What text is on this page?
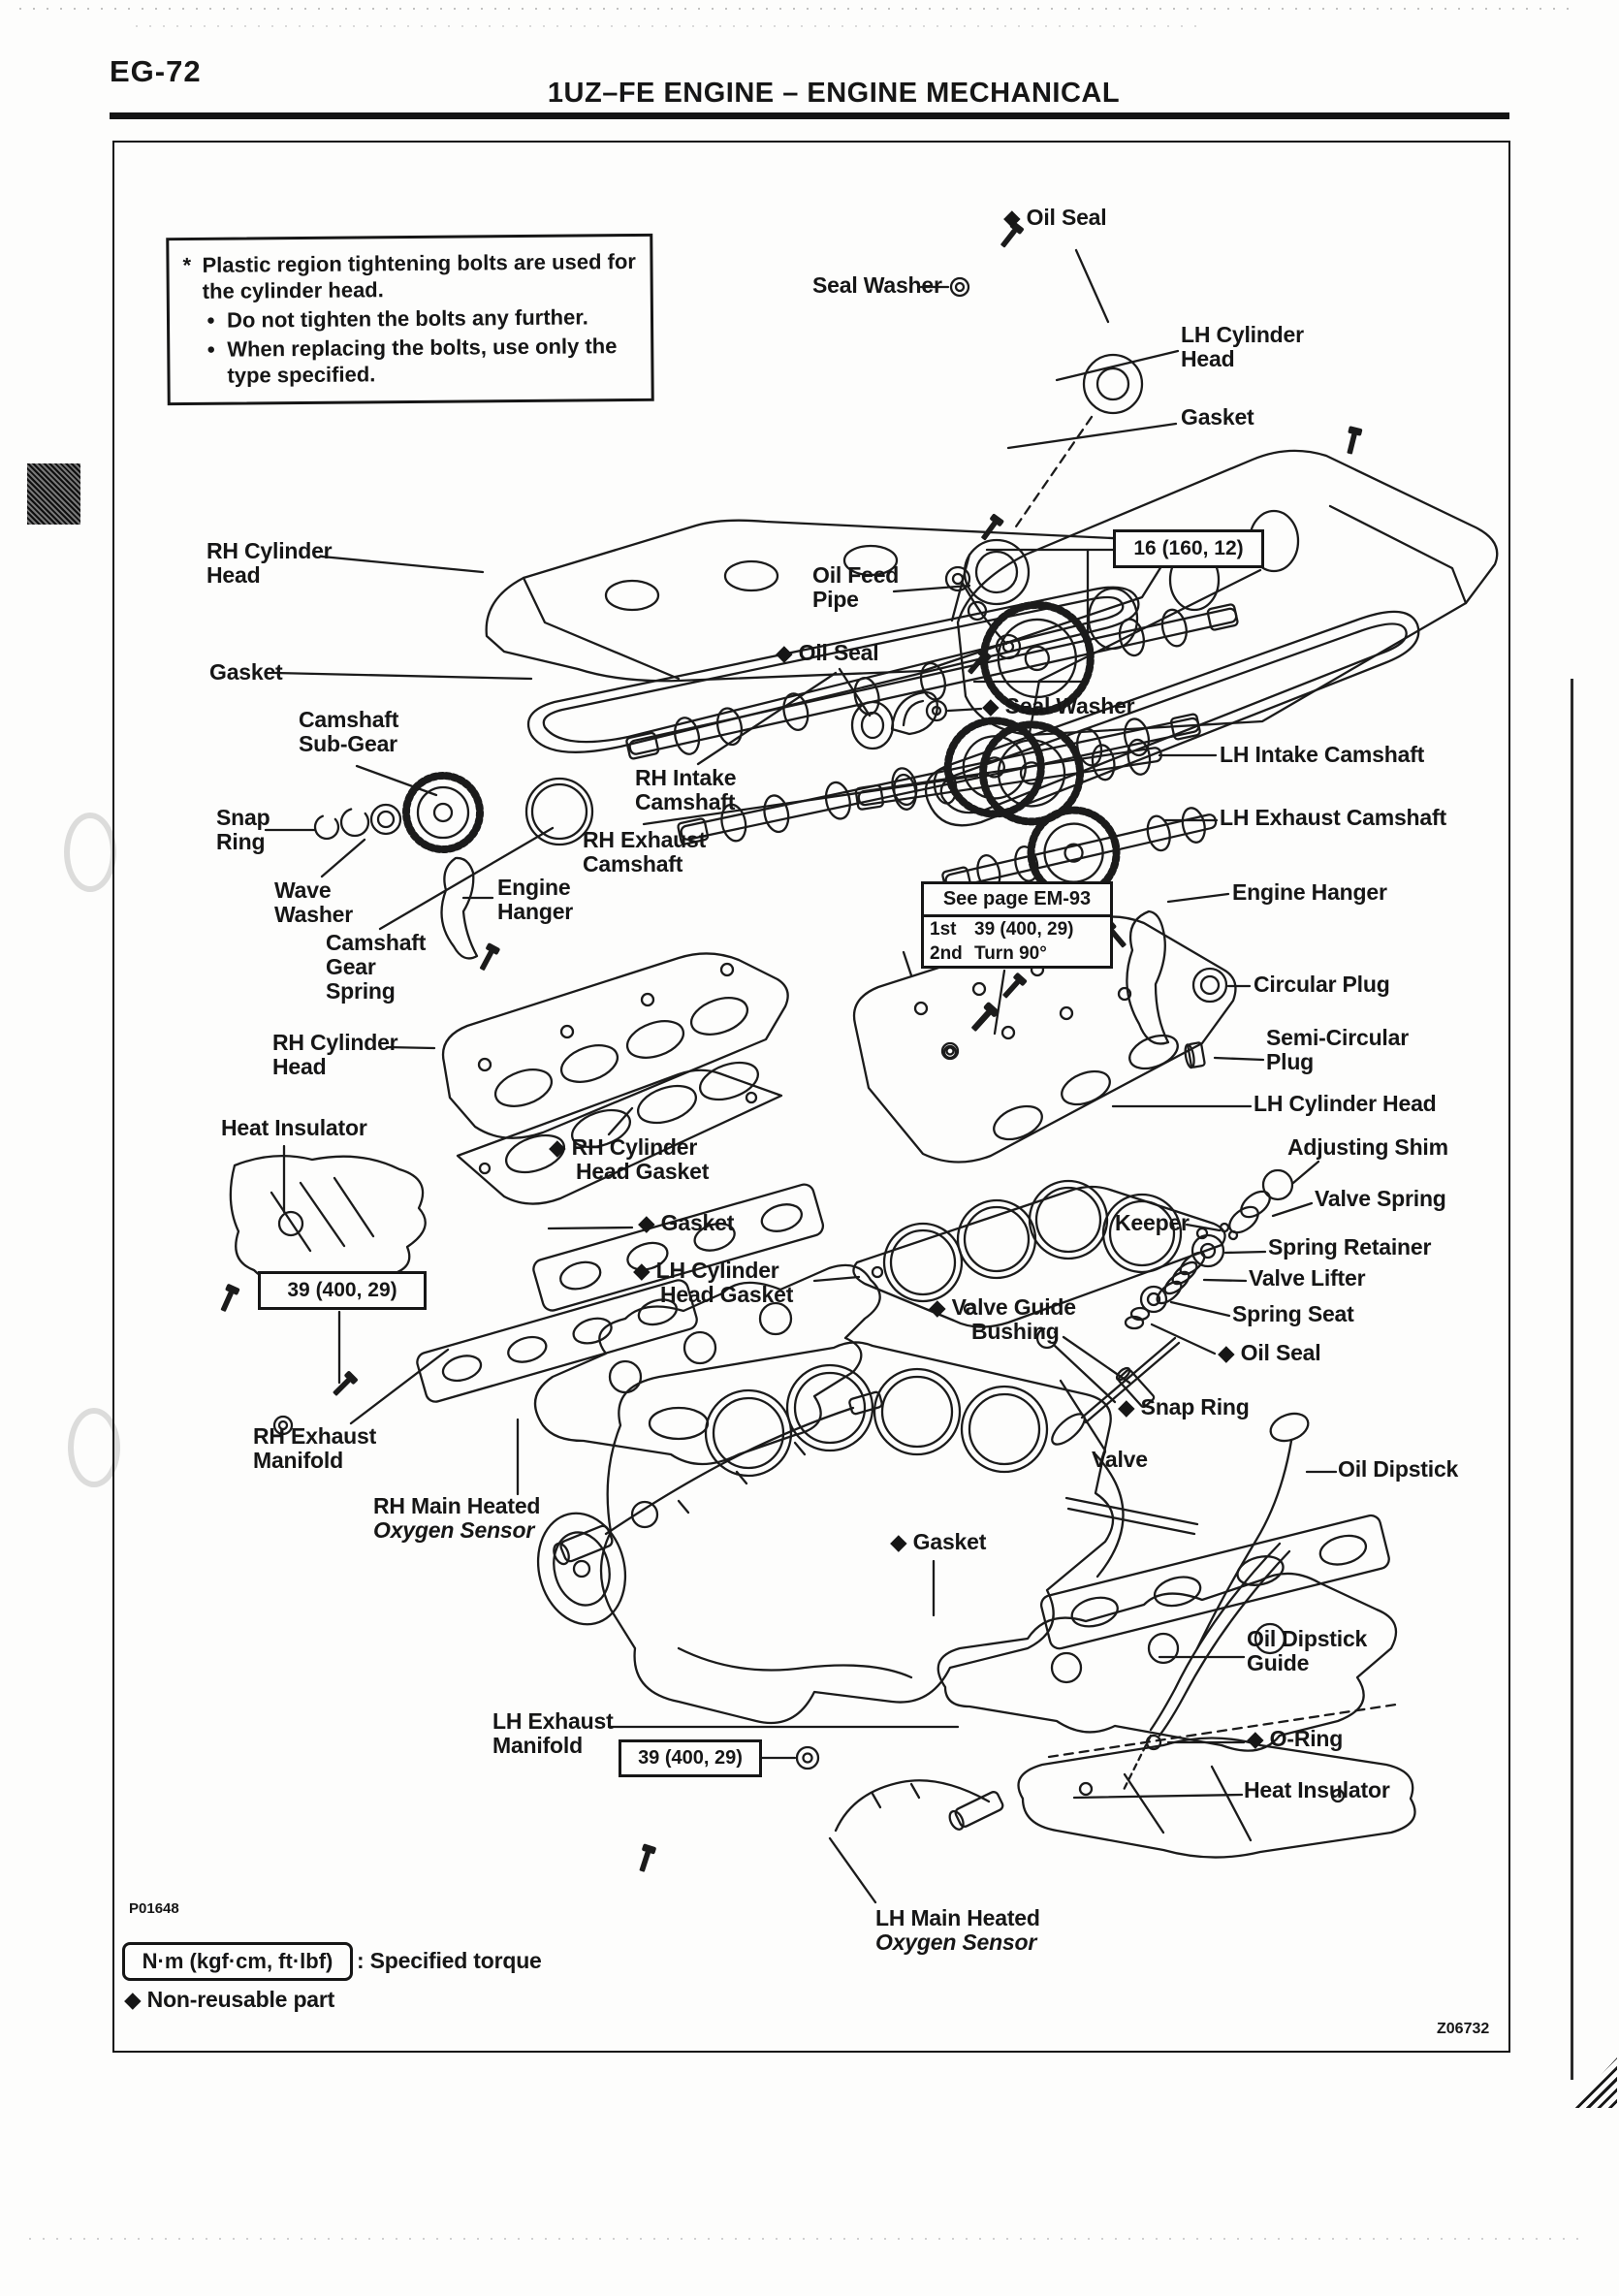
EG-72
1UZ–FE ENGINE – ENGINE MECHANICAL
* Plastic region tightening bolts are used for the cylinder head.
● Do not tighten the bolts any further.
● When replacing the bolts, use only the type specified.
16 (160, 12)
39 (400, 29)
39 (400, 29)
See page EM-93
1st 39 (400, 29)
2nd Turn 90°
◆ Oil Seal
Seal Washer
LH Cylinder
Head
Gasket
RH Cylinder
Head
Gasket
Camshaft
Sub-Gear
Oil Feed
Pipe
◆ Oil Seal
◆ Seal Washer
RH Intake
Camshaft
RH Exhaust
Camshaft
LH Intake Camshaft
LH Exhaust Camshaft
Snap
Ring
Wave
Washer
Camshaft
Gear
Spring
Engine
Hanger
Engine Hanger
Circular Plug
Semi-Circular
Plug
LH Cylinder Head
RH Cylinder
Head
Heat Insulator
◆ RH Cylinder
Head Gasket
◆ Gasket
◆ LH Cylinder
Head Gasket
Adjusting Shim
Valve Spring
Keeper
Spring Retainer
Valve Lifter
Spring Seat
◆ Oil Seal
◆ Valve Guide
Bushing
◆ Snap Ring
Valve	Oil Dipstick
RH Exhaust
Manifold
RH Main Heated
Oxygen Sensor	◆ Gasket
Oil Dipstick
Guide
◆ O-Ring
Heat Insulator
LH Exhaust
Manifold
LH Main Heated
Oxygen Sensor
P01648
N·m (kgf·cm, ft·lbf)	: Specified torque
◆ Non-reusable part
Z06732
